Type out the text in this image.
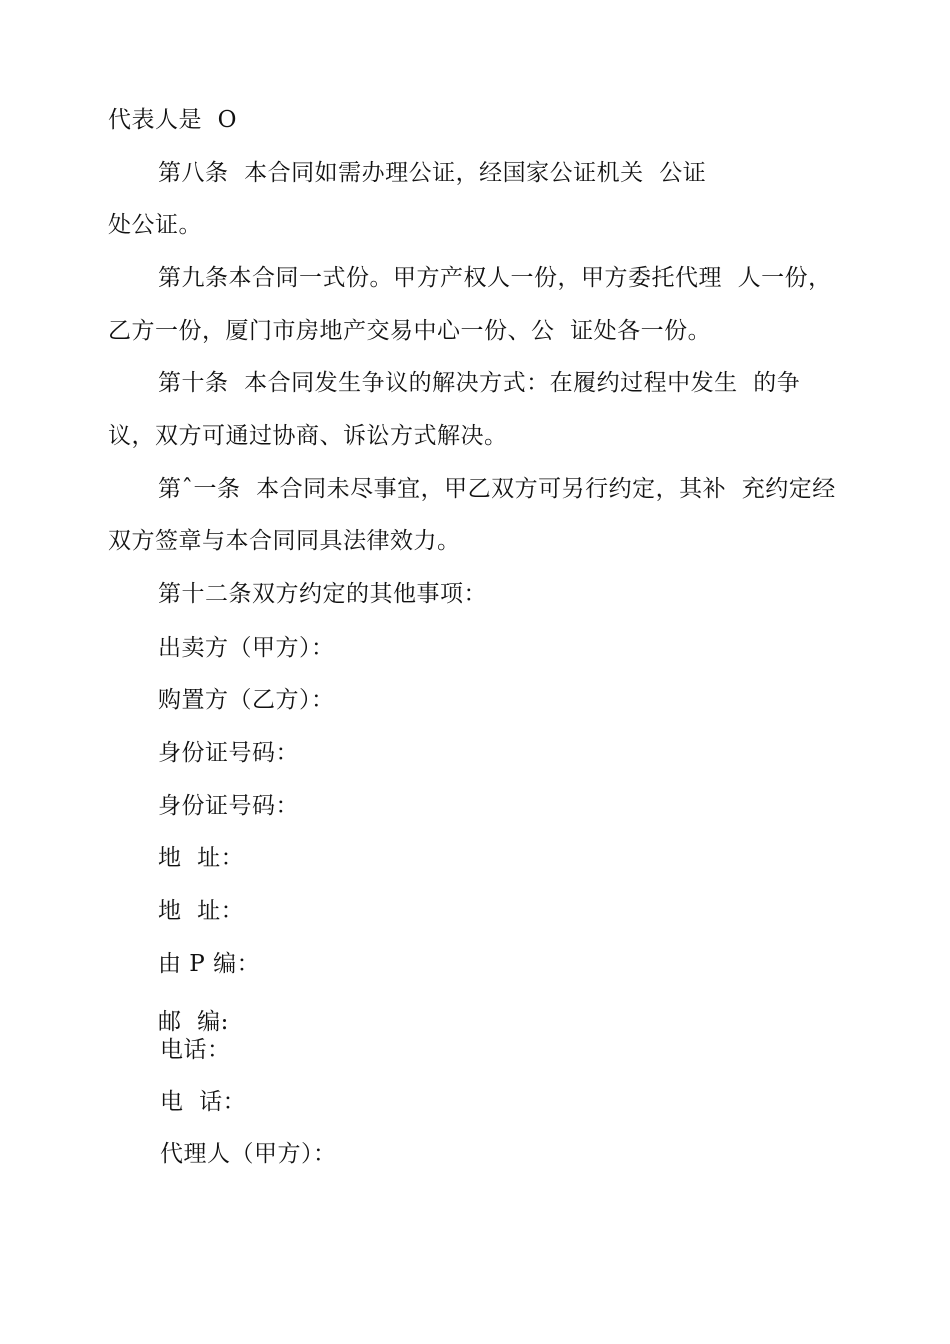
代表人是  O
第八条  本合同如需办理公证，经国家公证机关  公证
处公证。
第九条本合同一式份。甲方产权人一份，甲方委托代理  人一份，
乙方一份，厦门市房地产交易中心一份、公  证处各一份。
第十条  本合同发生争议的解决方式：在履约过程中发生  的争
议，双方可通过协商、诉讼方式解决。
第ˆ一条  本合同未尽事宜，甲乙双方可另行约定，其补  充约定经
双方签章与本合同同具法律效力。
第十二条双方约定的其他事项：
出卖方（甲方）：
购置方（乙方）：
身份证号码：
身份证号码：
地  址：
地  址：
由 P 编：
邮  编:
电话：
电  话：
代理人（甲方）：
